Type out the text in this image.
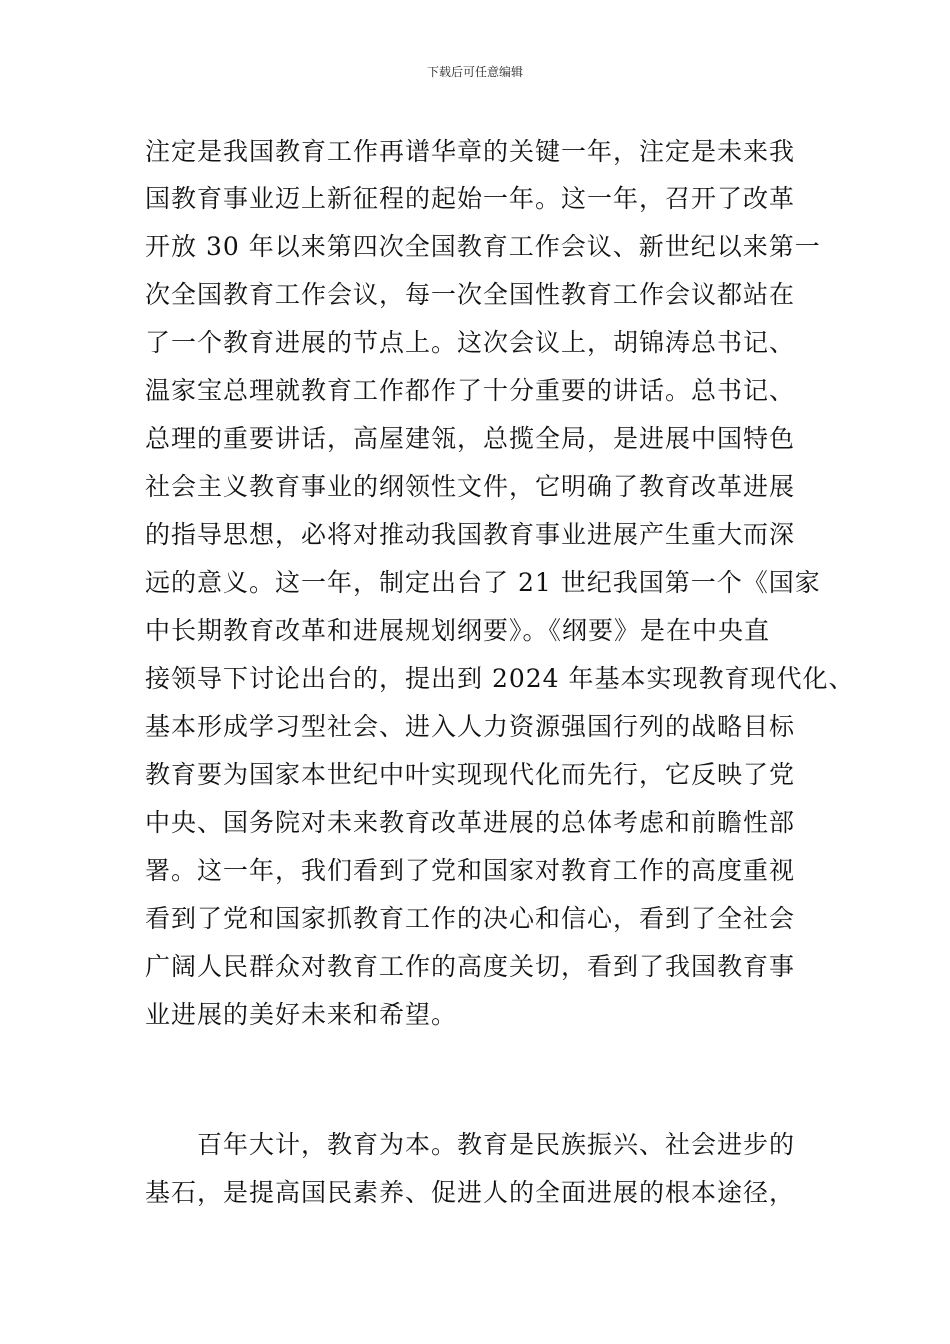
下载后可任意编辑
注定是我国教育工作再谱华章的关键一年，注定是未来我
国教育事业迈上新征程的起始一年。这一年，召开了改革
开放 30 年以来第四次全国教育工作会议、新世纪以来第一
次全国教育工作会议，每一次全国性教育工作会议都站在
了一个教育进展的节点上。这次会议上，胡锦涛总书记、
温家宝总理就教育工作都作了十分重要的讲话。总书记、
总理的重要讲话，高屋建瓴，总揽全局，是进展中国特色
社会主义教育事业的纲领性文件，它明确了教育改革进展
的指导思想，必将对推动我国教育事业进展产生重大而深
远的意义。这一年，制定出台了 21 世纪我国第一个《国家
中长期教育改革和进展规划纲要》。《纲要》是在中央直
接领导下讨论出台的，提出到 2024 年基本实现教育现代化、
基本形成学习型社会、进入人力资源强国行列的战略目标
教育要为国家本世纪中叶实现现代化而先行，它反映了党
中央、国务院对未来教育改革进展的总体考虑和前瞻性部
署。这一年，我们看到了党和国家对教育工作的高度重视
看到了党和国家抓教育工作的决心和信心，看到了全社会
广阔人民群众对教育工作的高度关切，看到了我国教育事
业进展的美好未来和希望。
　　百年大计，教育为本。教育是民族振兴、社会进步的
基石，是提高国民素养、促进人的全面进展的根本途径，
